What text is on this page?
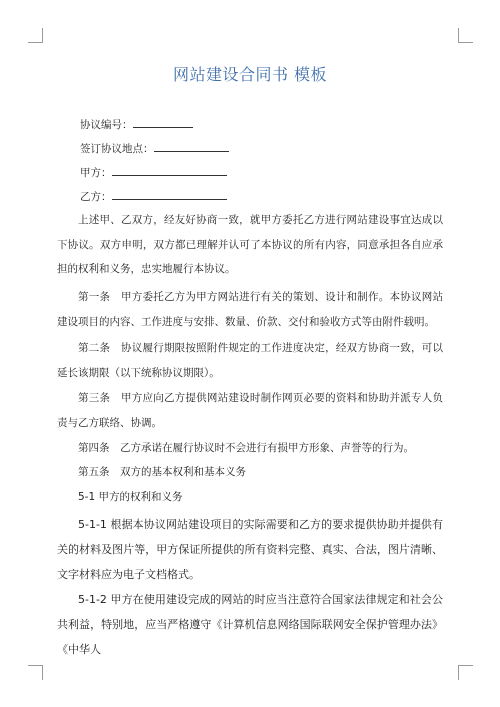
网站建设合同书 模板
协议编号：
签订协议地点：
甲方：
乙方：
上述甲、乙双方，经友好协商一致，就甲方委托乙方进行网站建设事宜达成以下协议。双方申明，双方都已理解并认可了本协议的所有内容，同意承担各自应承担的权利和义务，忠实地履行本协议。
第一条　甲方委托乙方为甲方网站进行有关的策划、设计和制作。本协议网站建设项目的内容、工作进度与安排、数量、价款、交付和验收方式等由附件载明。
第二条　协议履行期限按照附件规定的工作进度决定，经双方协商一致，可以延长该期限（以下统称协议期限）。
第三条　甲方应向乙方提供网站建设时制作网页必要的资料和协助并派专人负责与乙方联络、协调。
第四条　乙方承诺在履行协议时不会进行有损甲方形象、声誉等的行为。
第五条　双方的基本权利和基本义务
5-1 甲方的权利和义务
5-1-1 根据本协议网站建设项目的实际需要和乙方的要求提供协助并提供有关的材料及图片等，甲方保证所提供的所有资料完整、真实、合法，图片清晰、文字材料应为电子文档格式。
5-1-2 甲方在使用建设完成的网站的时应当注意符合国家法律规定和社会公共利益，特别地，应当严格遵守《计算机信息网络国际联网安全保护管理办法》《中华人
